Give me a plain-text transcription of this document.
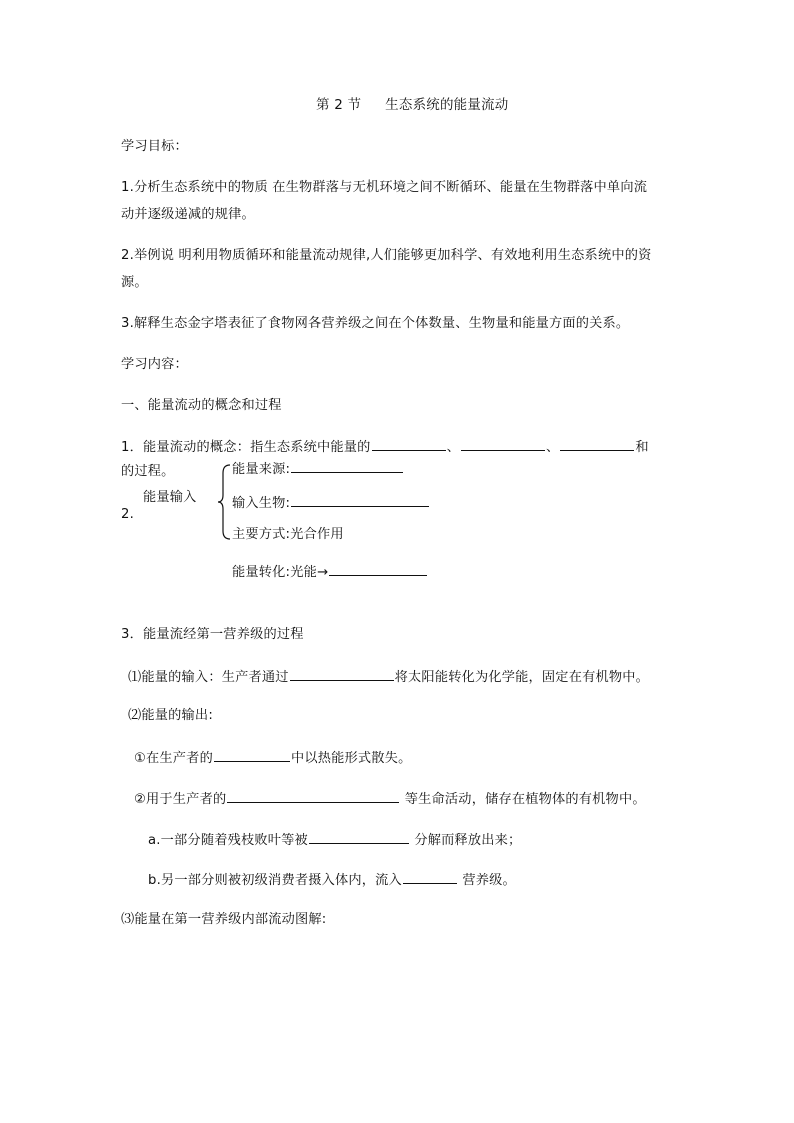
第 2 节 生态系统的能量流动
学习目标：
1.分析生态系统中的物质 在生物群落与无机环境之间不断循环、能量在生物群落中单向流
动并逐级递减的规律。
2.举例说 明利用物质循环和能量流动规律,人们能够更加科学、有效地利用生态系统中的资
源。
3.解释生态金字塔表征了食物网各营养级之间在个体数量、生物量和能量方面的关系。
学习内容：
一、能量流动的概念和过程
1．能量流动的概念：指生态系统中能量的	、	、	和
的过程。
2.
能量输入
能量来源:
输入生物:
主要方式:光合作用
能量转化:光能→
3．能量流经第一营养级的过程
⑴能量的输入：生产者通过	将太阳能转化为化学能，固定在有机物中。
⑵能量的输出:
①在生产者的	中以热能形式散失。
②用于生产者的	等生命活动，储存在植物体的有机物中。
a.一部分随着残枝败叶等被	分解而释放出来；
b.另一部分则被初级消费者摄入体内，流入	营养级。
⑶能量在第一营养级内部流动图解:
